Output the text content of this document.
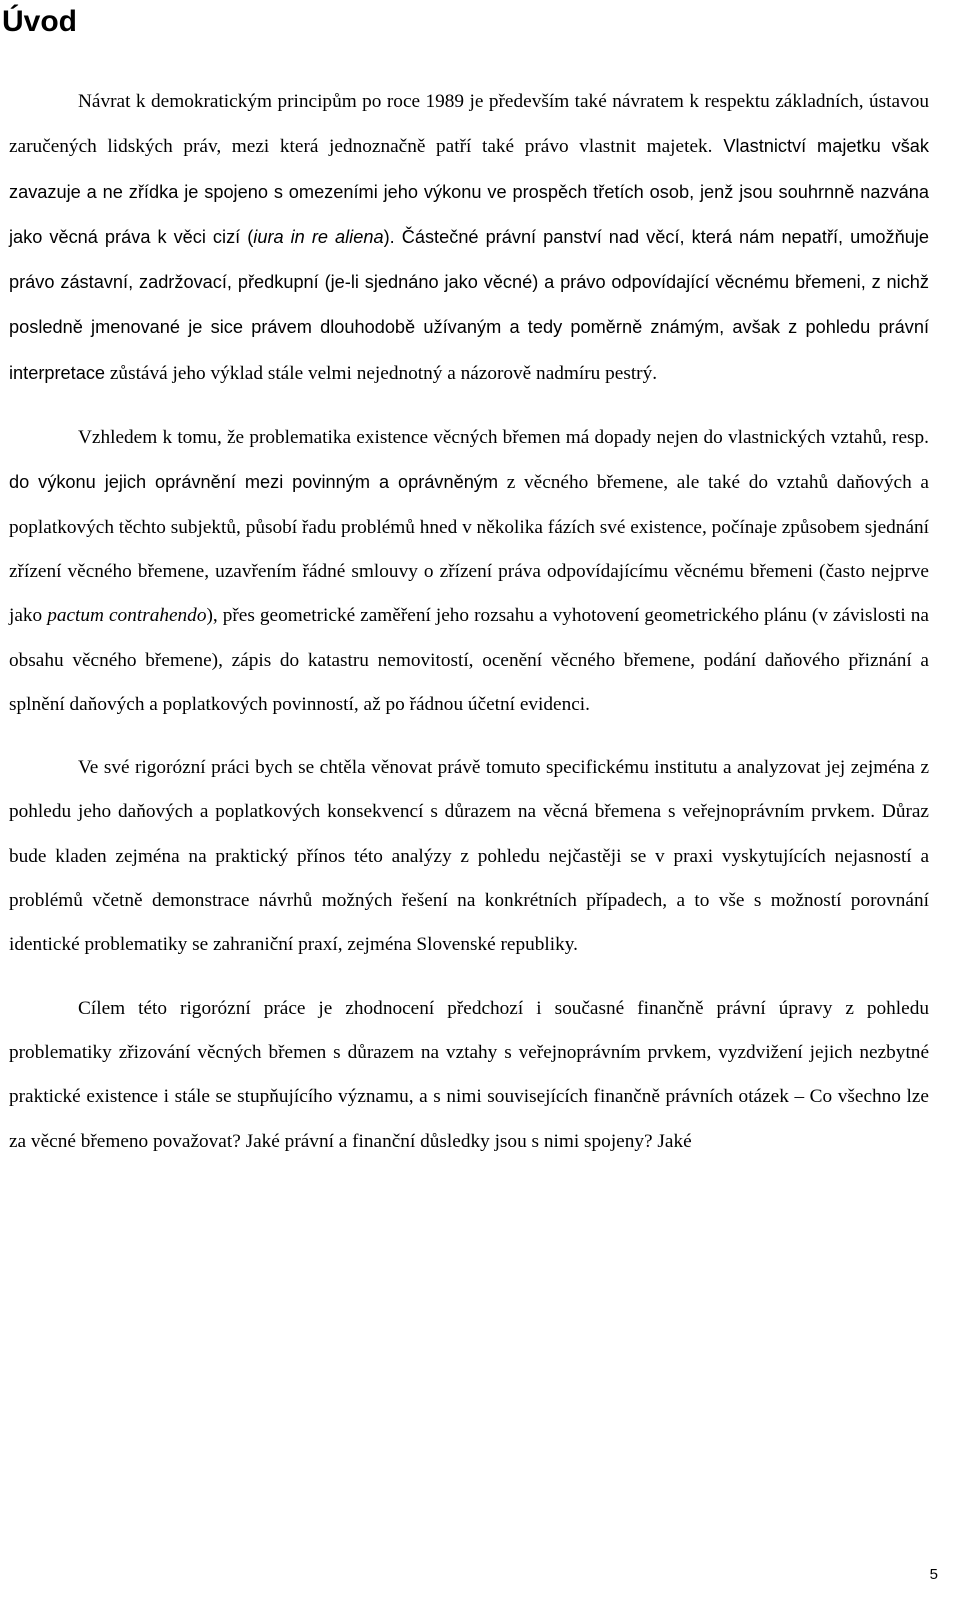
Úvod

Návrat k demokratickým principům po roce 1989 je především také návratem k respektu základních, ústavou zaručených lidských práv, mezi která jednoznačně patří také právo vlastnit majetek. Vlastnictví majetku však zavazuje a ne zřídka je spojeno s omezeními jeho výkonu ve prospěch třetích osob, jenž jsou souhrnně nazvána jako věcná práva k věci cizí (iura in re aliena). Částečné právní panství nad věcí, která nám nepatří, umožňuje právo zástavní, zadržovací, předkupní (je-li sjednáno jako věcné) a právo odpovídající věcnému břemeni, z nichž posledně jmenované je sice právem dlouhodobě užívaným a tedy poměrně známým, avšak z pohledu právní interpretace zůstává jeho výklad stále velmi nejednotný a názorově nadmíru pestrý.

Vzhledem k tomu, že problematika existence věcných břemen má dopady nejen do vlastnických vztahů, resp. do výkonu jejich oprávnění mezi povinným a oprávněným z věcného břemene, ale také do vztahů daňových a poplatkových těchto subjektů, působí řadu problémů hned v několika fázích své existence, počínaje způsobem sjednání zřízení věcného břemene, uzavřením řádné smlouvy o zřízení práva odpovídajícímu věcnému břemeni (často nejprve jako pactum contrahendo), přes geometrické zaměření jeho rozsahu a vyhotovení geometrického plánu (v závislosti na obsahu věcného břemene), zápis do katastru nemovitostí, ocenění věcného břemene, podání daňového přiznání a splnění daňových a poplatkových povinností, až po řádnou účetní evidenci.

Ve své rigorózní práci bych se chtěla věnovat právě tomuto specifickému institutu a analyzovat jej zejména z pohledu jeho daňových a poplatkových konsekvencí s důrazem na věcná břemena s veřejnoprávním prvkem. Důraz bude kladen zejména na praktický přínos této analýzy z pohledu nejčastěji se v praxi vyskytujících nejasností a problémů včetně demonstrace návrhů možných řešení na konkrétních případech, a to vše s možností porovnání identické problematiky se zahraniční praxí, zejména Slovenské republiky.

Cílem této rigorózní práce je zhodnocení předchozí i současné finančně právní úpravy z pohledu problematiky zřizování věcných břemen s důrazem na vztahy s veřejnoprávním prvkem, vyzdvižení jejich nezbytné praktické existence i stále se stupňujícího významu, a s nimi souvisejících finančně právních otázek – Co všechno lze za věcné břemeno považovat? Jaké právní a finanční důsledky jsou s nimi spojeny? Jaké

5
